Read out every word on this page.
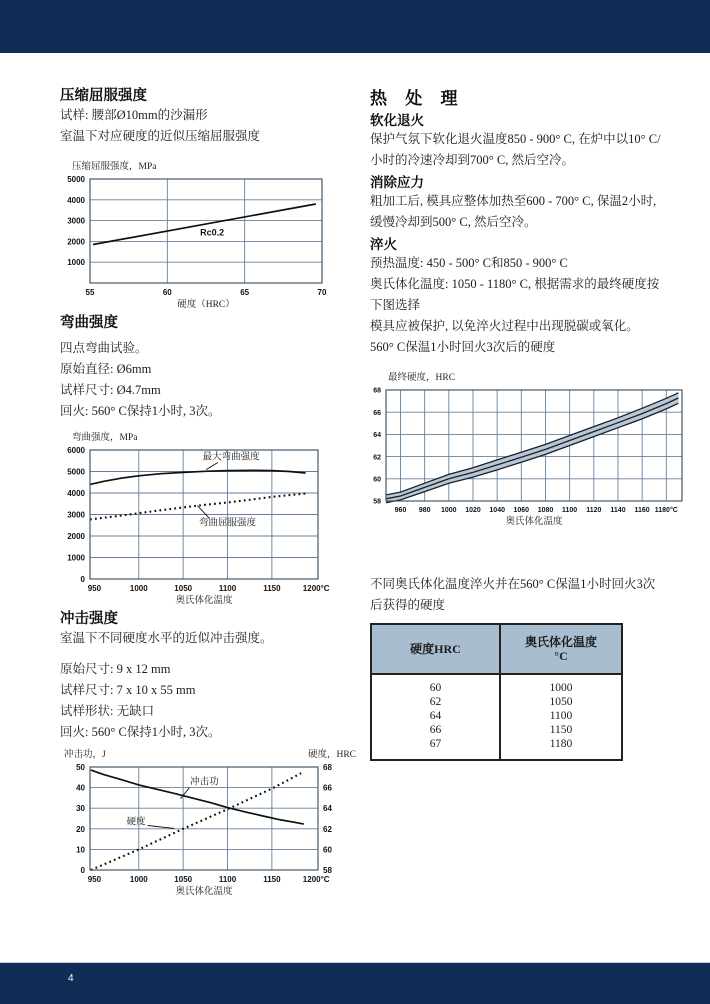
压缩屈服强度

试样: 腰部Ø10mm的沙漏形

室温下对应硬度的近似压缩屈服强度

压缩屈服强度，MPa
55	60	65	70
1000
2000
3000
4000
5000
Rc0.2
硬度（HRC）
弯曲强度

四点弯曲试验。

原始直径: Ø6mm

试样尺寸: Ø4.7mm

回火: 560° C保持1小时, 3次。

弯曲强度，MPa
950	1000	1050	1100	1150	1200°C
0
1000
2000
3000
4000
5000
6000
最大弯曲强度
弯曲屈服强度
奥氏体化温度
冲击强度

室温下不同硬度水平的近似冲击强度。

原始尺寸: 9 x 12 mm

试样尺寸: 7 x 10 x 55 mm

试样形状: 无缺口

回火: 560° C保持1小时, 3次。

冲击功，J	硬度，HRC
950	1000	1050	1100	1150	1200°C
0
10
20
30
40
50
58
60
62
64
66
68
冲击功
硬度
奥氏体化温度
热 处 理
软化退火

保护气氛下软化退火温度850 - 900° C, 在炉中以10° C/小时的冷速冷却到700° C, 然后空冷。

消除应力

粗加工后, 模具应整体加热至600 - 700° C, 保温2小时, 缓慢冷却到500° C, 然后空冷。

淬火

预热温度: 450 - 500° C和850 - 900° C

奥氏体化温度: 1050 - 1180° C, 根据需求的最终硬度按下图选择

模具应被保护, 以免淬火过程中出现脱碳或氧化。

560° C保温1小时回火3次后的硬度

最终硬度，HRC
960 980 1000 1020 1040 1060 1080 1100 1120 1140 1160 1180°C
58
60
62
64
66
68
奥氏体化温度

不同奥氏体化温度淬火并在560° C保温1小时回火3次后获得的硬度

硬度HRC	奥氏体化温度
°C
60	1000
62	1050
64	1100
66	1150
67	1180
4
